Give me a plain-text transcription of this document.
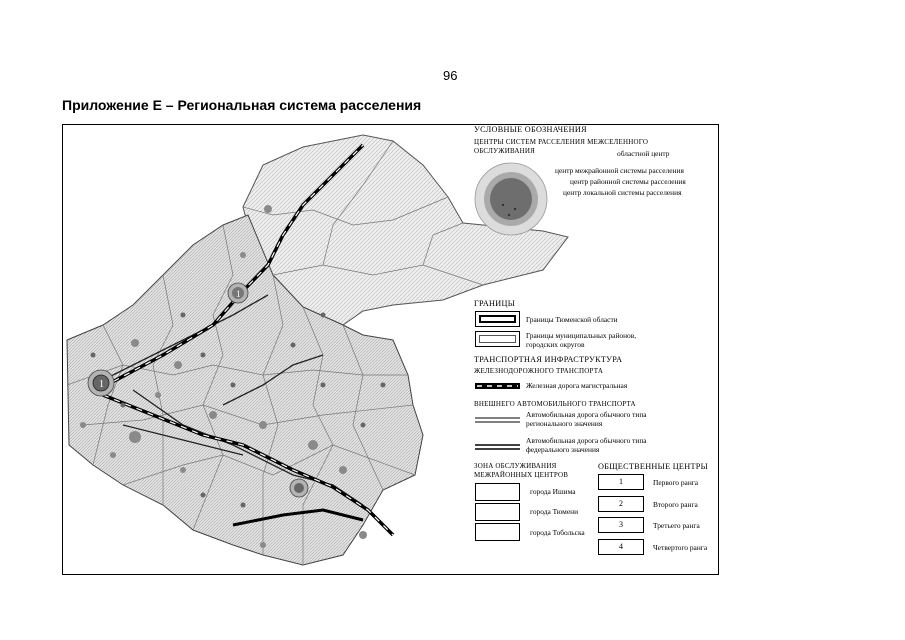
96
Приложение Е – Региональная система расселения
1
1
УСЛОВНЫЕ ОБОЗНАЧЕНИЯ
ЦЕНТРЫ СИСТЕМ РАССЕЛЕНИЯ МЕЖСЕЛЕННОГО
ОБСЛУЖИВАНИЯ	областной центр
центр межрайонной системы расселения
центр районной системы расселения
центр локальной системы расселения
ГРАНИЦЫ
Границы Тюменской области
Границы муниципальных районов,
городских округов
ТРАНСПОРТНАЯ ИНФРАСТРУКТУРА
ЖЕЛЕЗНОДОРОЖНОГО ТРАНСПОРТА
Железная дорога магистральная
ВНЕШНЕГО АВТОМОБИЛЬНОГО ТРАНСПОРТА
Автомобильная дорога обычного типа
регионального значения
Автомобильная дорога обычного типа
федерального значения
ЗОНА ОБСЛУЖИВАНИЯ
МЕЖРАЙОННЫХ ЦЕНТРОВ
города Ишима
города Тюмени
города Тобольска
ОБЩЕСТВЕННЫЕ ЦЕНТРЫ
1	Первого ранга
2	Второго ранга
3	Третьего ранга
4	Четвертого ранга
